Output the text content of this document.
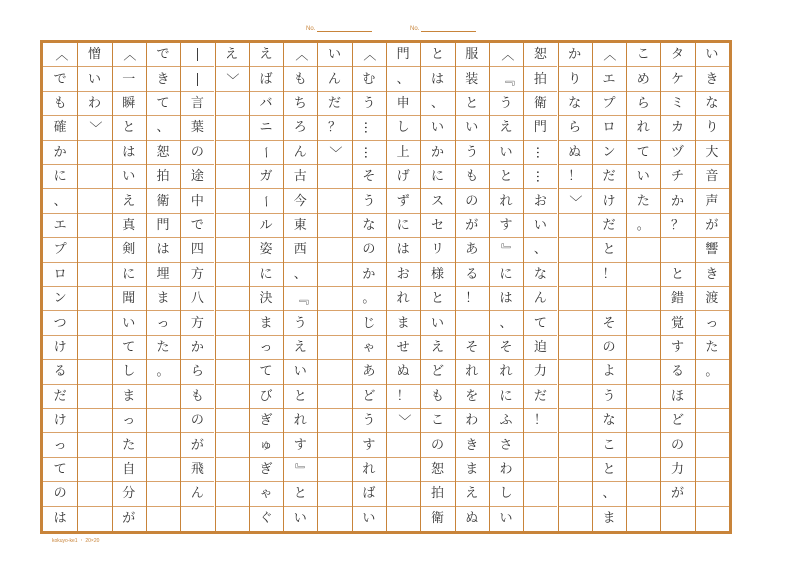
No.	No.
い
き
な
り
大
音
声
が
響
き
渡
っ
た
。
タ
ケ
ミ
カ
ヅ
チ
か
？

と
錯
覚
す
る
ほ
ど
の
力
が
こ
め
ら
れ
て
い
た
。
〈
エ
プ
ロ
ン
だ
け
だ
と
！

そ
の
よ
う
な
こ
と
、
ま
か
り
な
ら
ぬ
！
〉
恕
拍
衛
門
…
…
お
い
、
な
ん
て
迫
力
だ
！
〈
『
う
え
い
と
れ
す
』
に
は
、
そ
れ
に
ふ
さ
わ
し
い
服
装
と
い
う
も
の
が
あ
る
！

そ
れ
を
わ
き
ま
え
ぬ
と
は
、
い
か
に
ス
セ
リ
様
と
い
え
ど
も
こ
の
恕
拍
衛
門
、
申
し
上
げ
ず
に
は
お
れ
ま
せ
ぬ
！
〉
〈
む
う
…
…
そ
う
な
の
か
。
じ
ゃ
あ
ど
う
す
れ
ば
い
い
ん
だ
？
〉
〈
も
ち
ろ
ん
古
今
東
西
、
『
う
え
い
と
れ
す
』
と
い
え
ば
バ
ニ
ー
ガ
ー
ル
姿
に
決
ま
っ
て
び
ぎ
ゅ
ぎ
ゃ
ぐ
え
〉
―
―
言
葉
の
途
中
で
四
方
八
方
か
ら
も
の
が
飛
ん
で
き
て
、
恕
拍
衛
門
は
埋
ま
っ
た
。
〈
一
瞬
と
は
い
え
真
剣
に
聞
い
て
し
ま
っ
た
自
分
が
憎
い
わ
〉
〈
で
も
確
か
に
、
エ
プ
ロ
ン
つ
け
る
だ
け
っ
て
の
は
kokuyo-ke1 ・ 20×20
